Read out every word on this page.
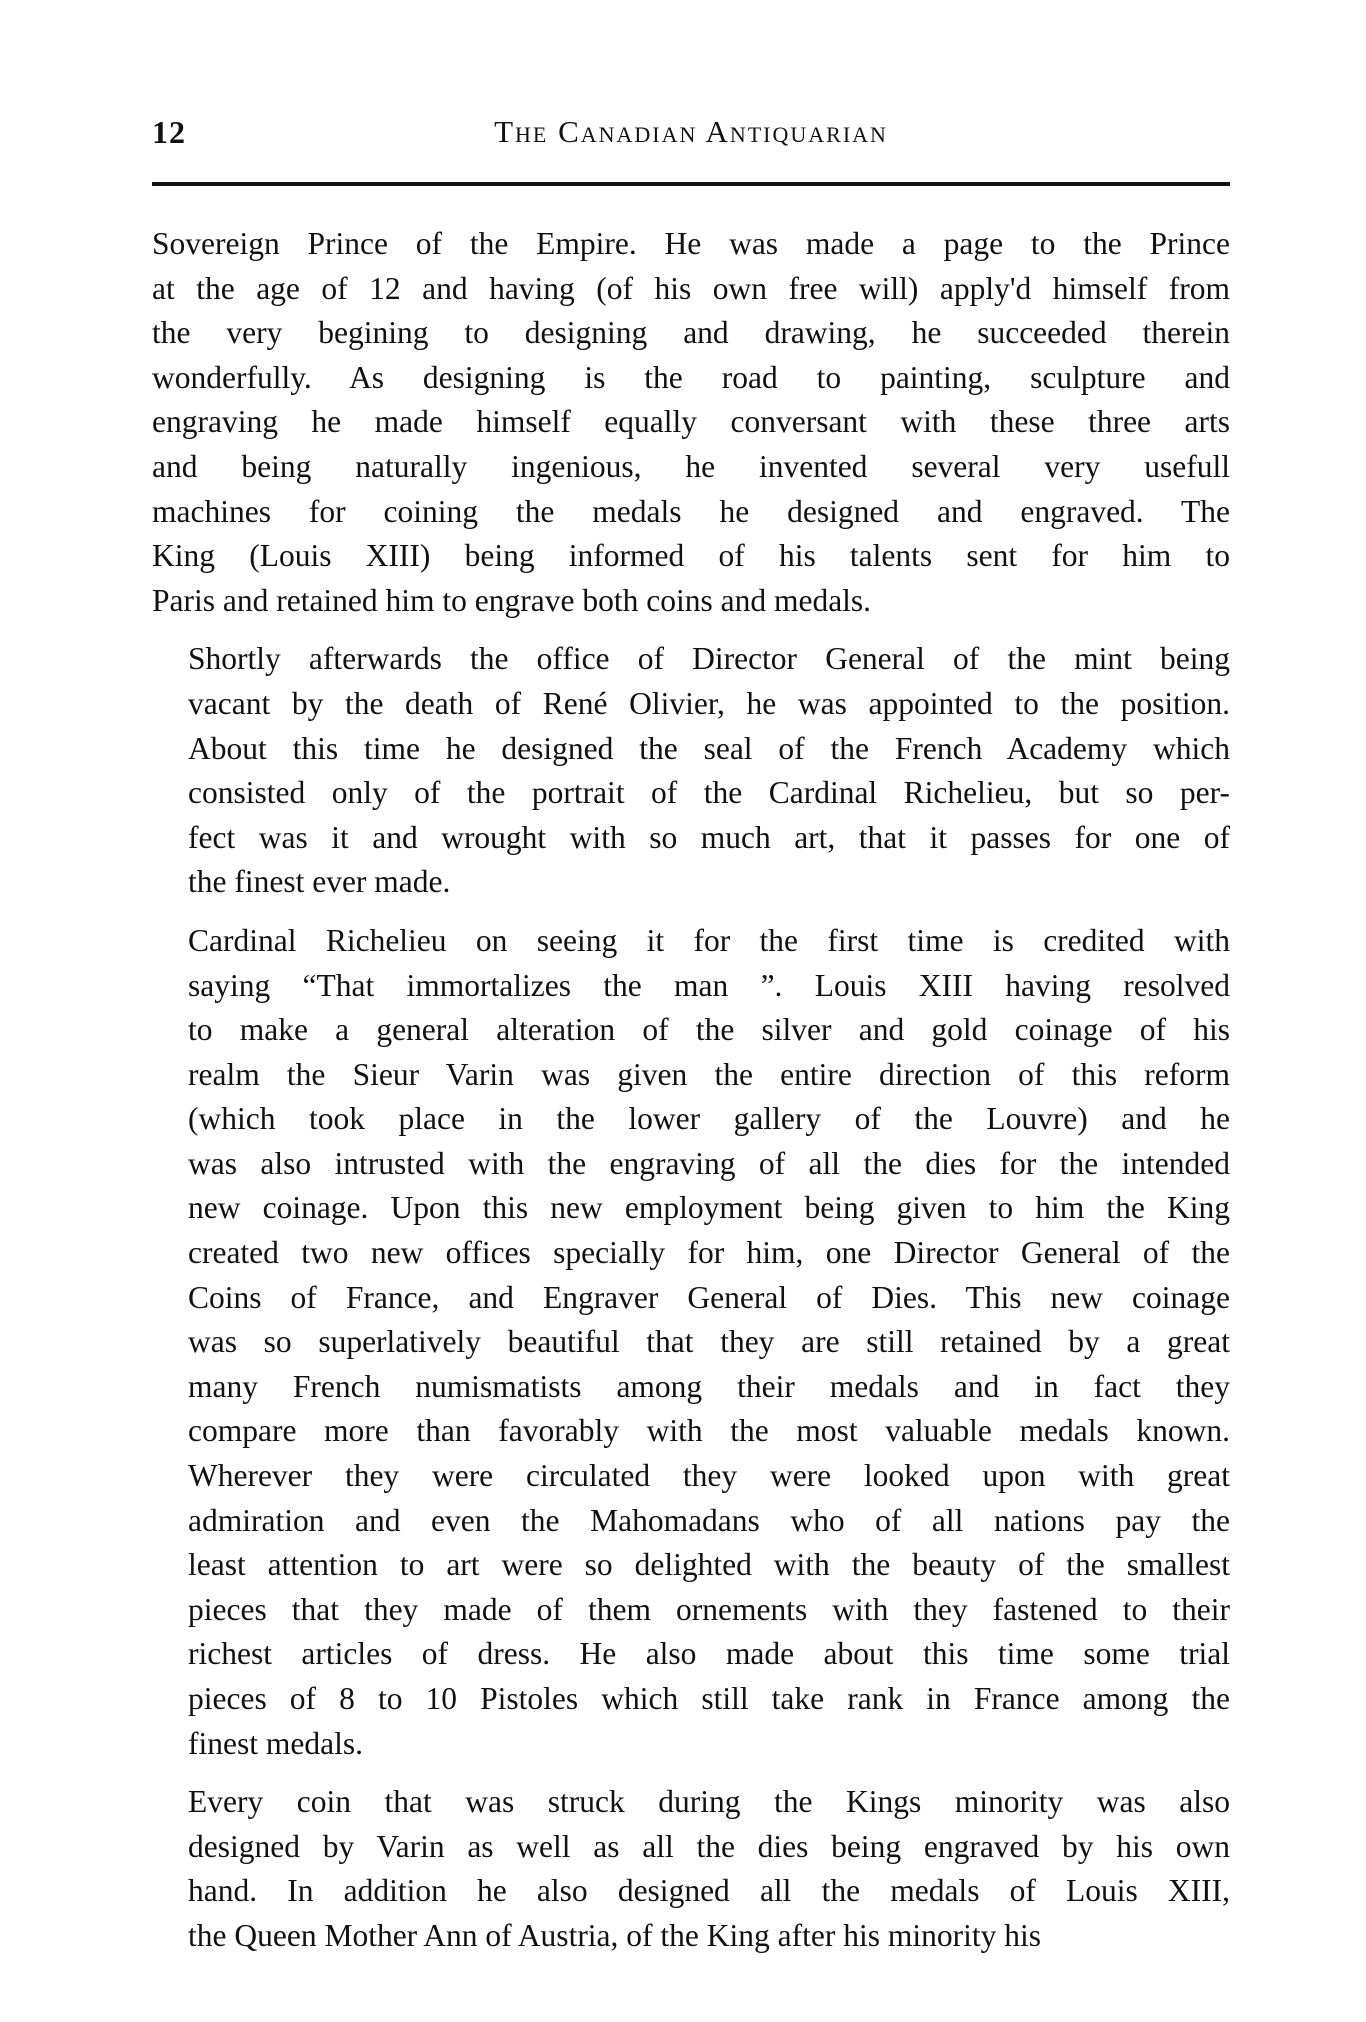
12	The Canadian Antiquarian

Sovereign Prince of the Empire. He was made a page to the Prince
at the age of 12 and having (of his own free will) apply'd himself from
the very begining to designing and drawing, he succeeded therein
wonderfully. As designing is the road to painting, sculpture and
engraving he made himself equally conversant with these three arts
and being naturally ingenious, he invented several very usefull
machines for coining the medals he designed and engraved. The
King (Louis XIII) being informed of his talents sent for him to
Paris and retained him to engrave both coins and medals.

Shortly afterwards the office of Director General of the mint being
vacant by the death of René Olivier, he was appointed to the position.
About this time he designed the seal of the French Academy which
consisted only of the portrait of the Cardinal Richelieu, but so per-
fect was it and wrought with so much art, that it passes for one of
the finest ever made.

Cardinal Richelieu on seeing it for the first time is credited with
saying “That immortalizes the man ”. Louis XIII having resolved
to make a general alteration of the silver and gold coinage of his
realm the Sieur Varin was given the entire direction of this reform
(which took place in the lower gallery of the Louvre) and he
was also intrusted with the engraving of all the dies for the intended
new coinage. Upon this new employment being given to him the King
created two new offices specially for him, one Director General of the
Coins of France, and Engraver General of Dies. This new coinage
was so superlatively beautiful that they are still retained by a great
many French numismatists among their medals and in fact they
compare more than favorably with the most valuable medals known.
Wherever they were circulated they were looked upon with great
admiration and even the Mahomadans who of all nations pay the
least attention to art were so delighted with the beauty of the smallest
pieces that they made of them ornements with they fastened to their
richest articles of dress. He also made about this time some trial
pieces of 8 to 10 Pistoles which still take rank in France among the
finest medals.

Every coin that was struck during the Kings minority was also
designed by Varin as well as all the dies being engraved by his own
hand. In addition he also designed all the medals of Louis XIII,
the Queen Mother Ann of Austria, of the King after his minority his
